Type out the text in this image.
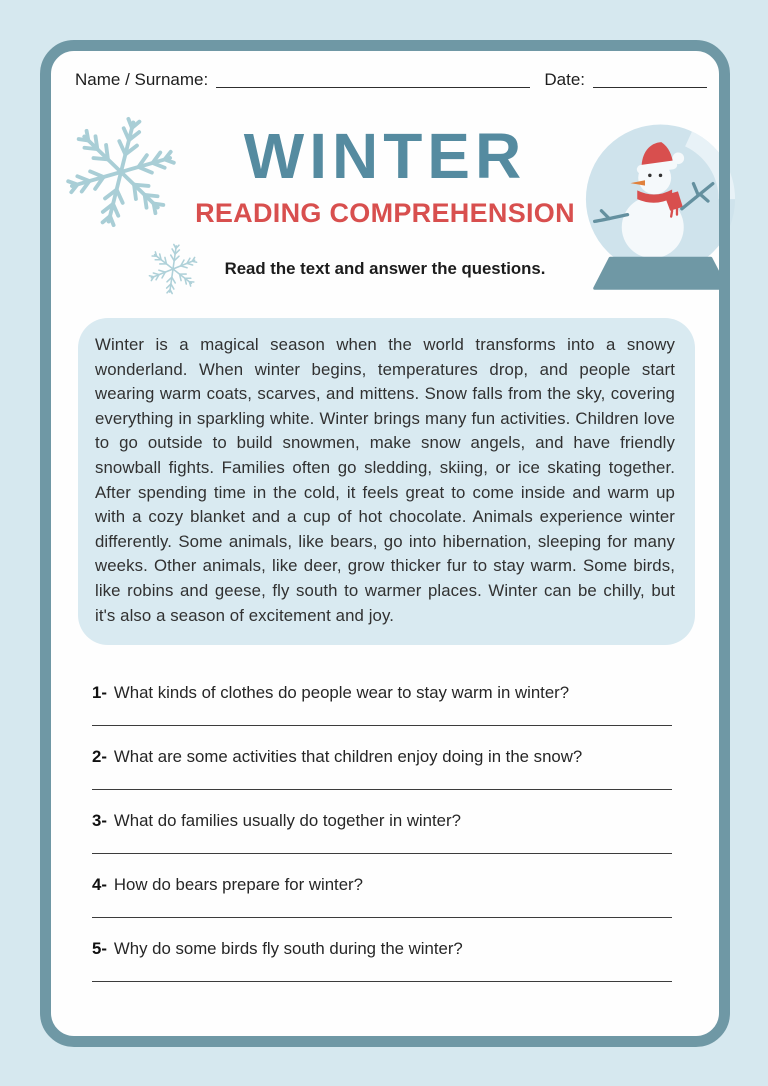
Name / Surname:	Date:
WINTER
READING COMPREHENSION
Read the text and answer the questions.

Winter is a magical season when the world transforms into a snowy wonderland. When winter begins, temperatures drop, and people start wearing warm coats, scarves, and mittens. Snow falls from the sky, covering everything in sparkling white. Winter brings many fun activities. Children love to go outside to build snowmen, make snow angels, and have friendly snowball fights. Families often go sledding, skiing, or ice skating together. After spending time in the cold, it feels great to come inside and warm up with a cozy blanket and a cup of hot chocolate. Animals experience winter differently. Some animals, like bears, go into hibernation, sleeping for many weeks. Other animals, like deer, grow thicker fur to stay warm. Some birds, like robins and geese, fly south to warmer places. Winter can be chilly, but it's also a season of excitement and joy.

1- What kinds of clothes do people wear to stay warm in winter?
2- What are some activities that children enjoy doing in the snow?
3- What do families usually do together in winter?
4- How do bears prepare for winter?
5- Why do some birds fly south during the winter?
